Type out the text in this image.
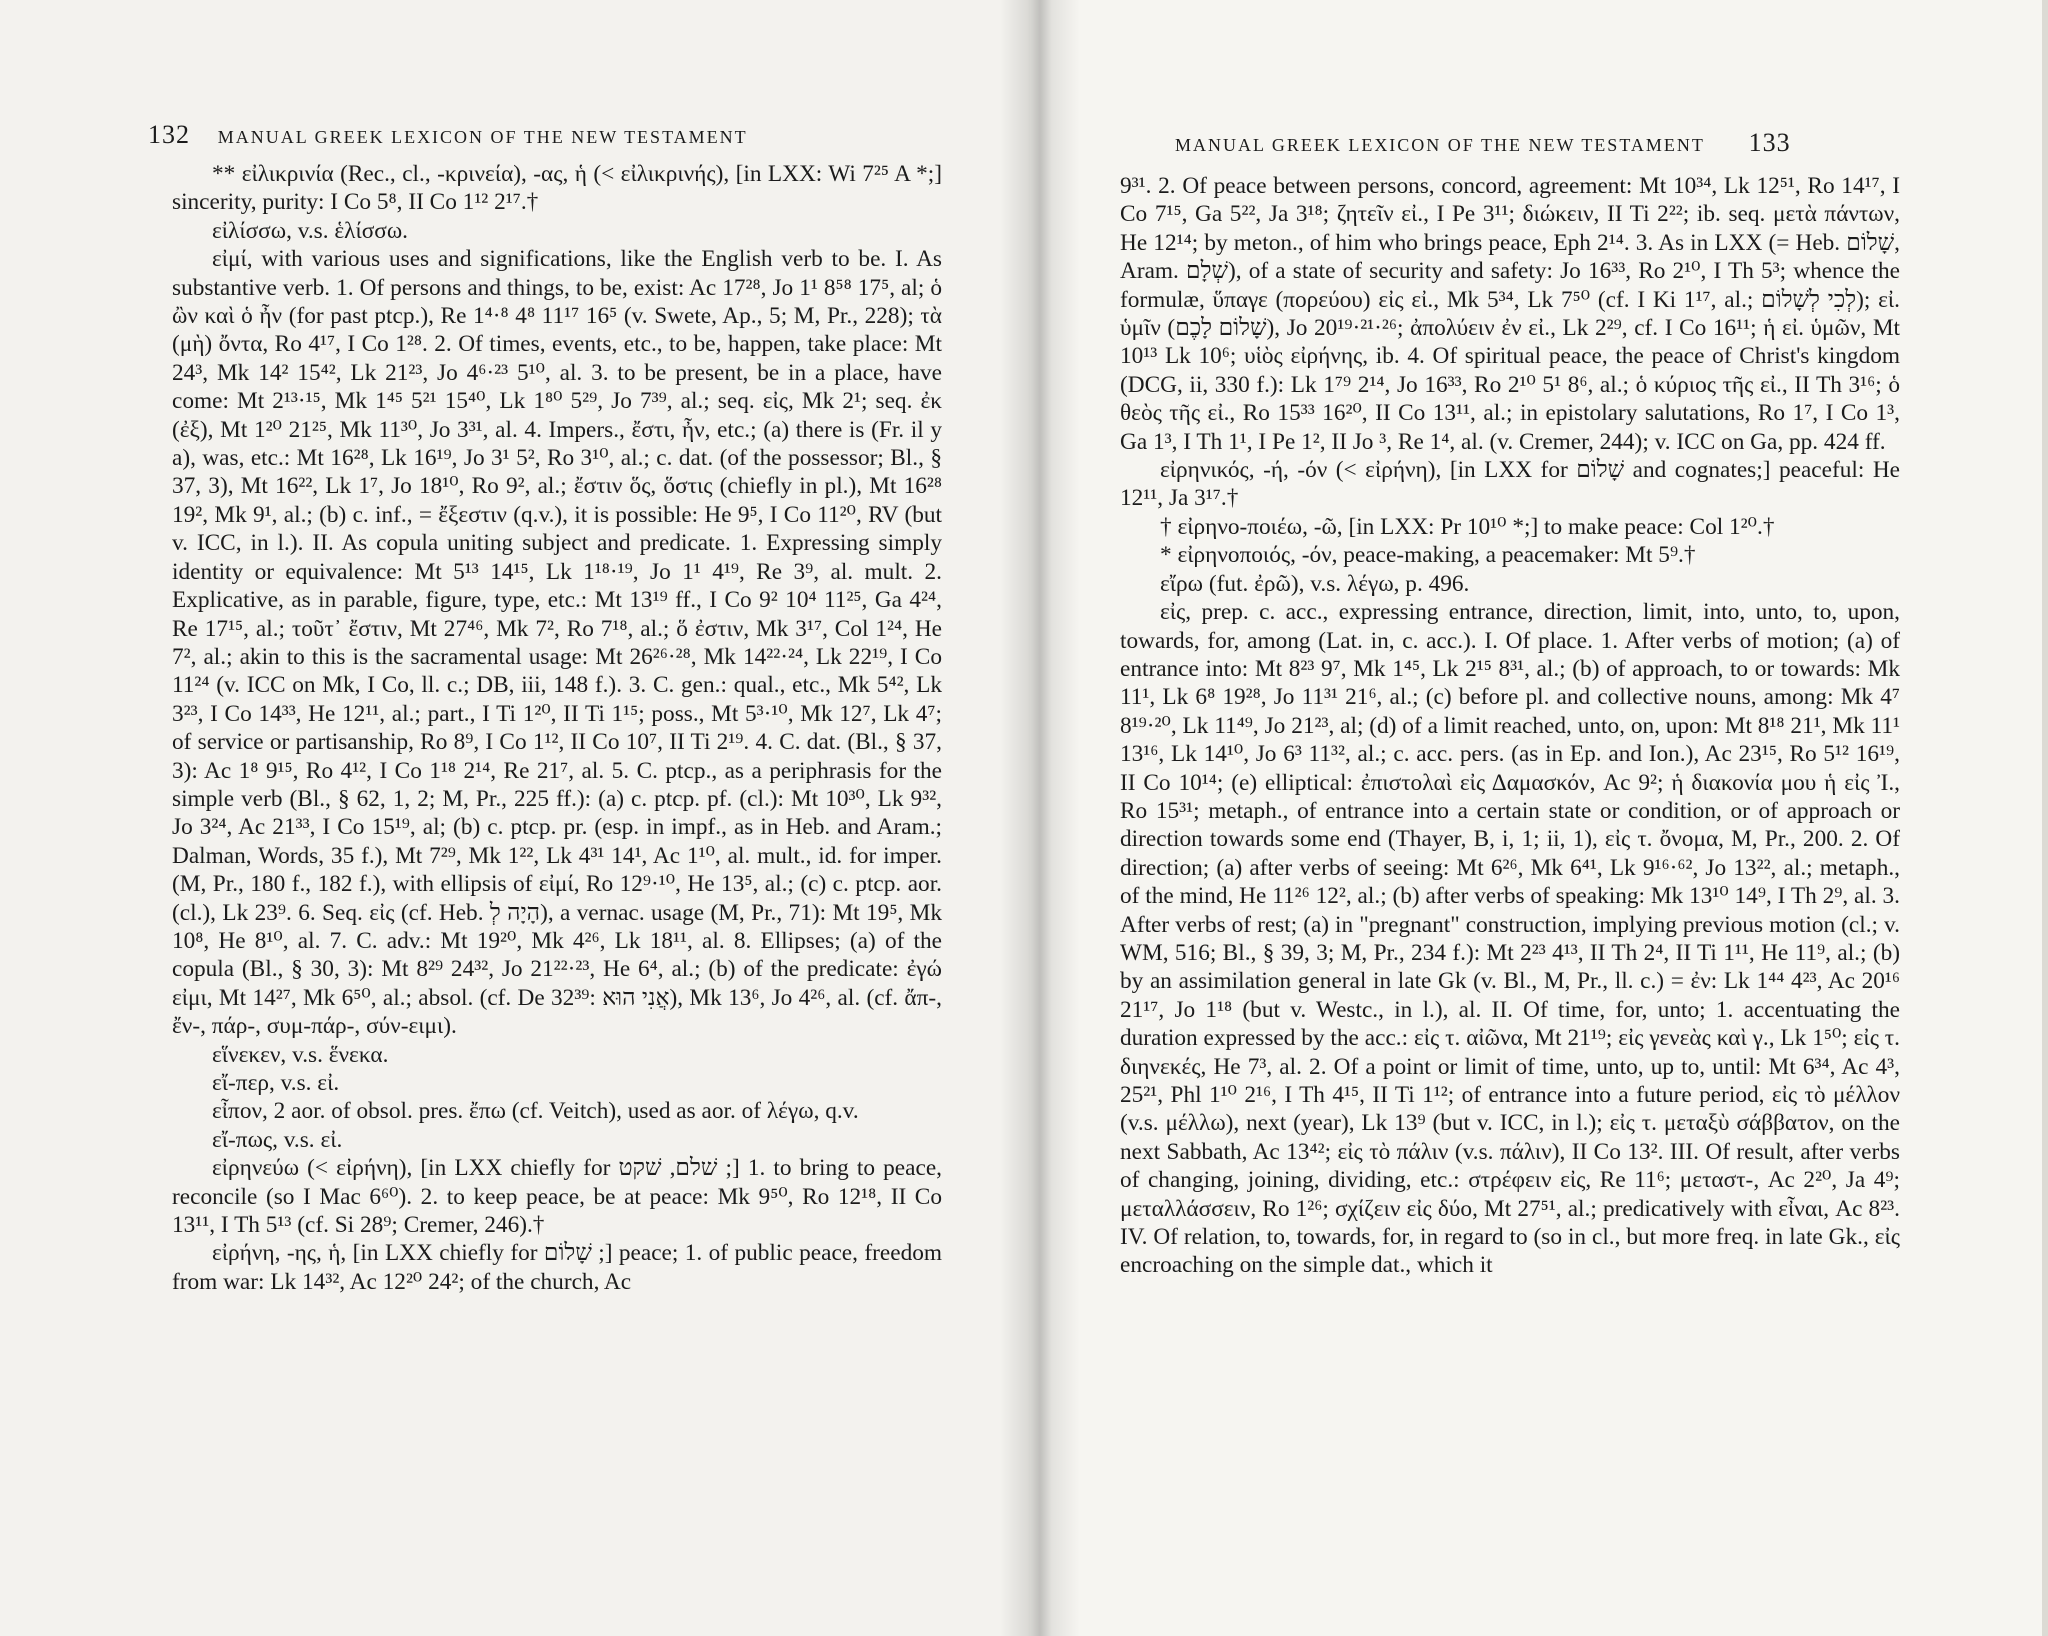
132 MANUAL GREEK LEXICON OF THE NEW TESTAMENT

** εἰλικρινία (Rec., cl., -κρινεία), -ας, ἡ (< εἰλικρινής), [in LXX: Wi 7²⁵ A *;] sincerity, purity: I Co 5⁸, II Co 1¹² 2¹⁷.†

εἰλίσσω, v.s. ἑλίσσω.

εἰμί, with various uses and significations, like the English verb to be. I. As substantive verb. 1. Of persons and things, to be, exist: Ac 17²⁸, Jo 1¹ 8⁵⁸ 17⁵, al; ὁ ὢν καὶ ὁ ἦν (for past ptcp.), Re 1⁴·⁸ 4⁸ 11¹⁷ 16⁵ (v. Swete, Ap., 5; M, Pr., 228); τὰ (μὴ) ὄντα, Ro 4¹⁷, I Co 1²⁸. 2. Of times, events, etc., to be, happen, take place: Mt 24³, Mk 14² 15⁴², Lk 21²³, Jo 4⁶·²³ 5¹⁰, al. 3. to be present, be in a place, have come: Mt 2¹³·¹⁵, Mk 1⁴⁵ 5²¹ 15⁴⁰, Lk 1⁸⁰ 5²⁹, Jo 7³⁹, al.; seq. εἰς, Mk 2¹; seq. ἐκ (ἐξ), Mt 1²⁰ 21²⁵, Mk 11³⁰, Jo 3³¹, al. 4. Impers., ἔστι, ἦν, etc.; (a) there is (Fr. il y a), was, etc.: Mt 16²⁸, Lk 16¹⁹, Jo 3¹ 5², Ro 3¹⁰, al.; c. dat. (of the possessor; Bl., § 37, 3), Mt 16²², Lk 1⁷, Jo 18¹⁰, Ro 9², al.; ἔστιν ὅς, ὅστις (chiefly in pl.), Mt 16²⁸ 19², Mk 9¹, al.; (b) c. inf., = ἔξεστιν (q.v.), it is possible: He 9⁵, I Co 11²⁰, RV (but v. ICC, in l.). II. As copula uniting subject and predicate. 1. Expressing simply identity or equivalence: Mt 5¹³ 14¹⁵, Lk 1¹⁸·¹⁹, Jo 1¹ 4¹⁹, Re 3⁹, al. mult. 2. Explicative, as in parable, figure, type, etc.: Mt 13¹⁹ ff., I Co 9² 10⁴ 11²⁵, Ga 4²⁴, Re 17¹⁵, al.; τοῦτ᾽ ἔστιν, Mt 27⁴⁶, Mk 7², Ro 7¹⁸, al.; ὅ ἐστιν, Mk 3¹⁷, Col 1²⁴, He 7², al.; akin to this is the sacramental usage: Mt 26²⁶·²⁸, Mk 14²²·²⁴, Lk 22¹⁹, I Co 11²⁴ (v. ICC on Mk, I Co, ll. c.; DB, iii, 148 f.). 3. C. gen.: qual., etc., Mk 5⁴², Lk 3²³, I Co 14³³, He 12¹¹, al.; part., I Ti 1²⁰, II Ti 1¹⁵; poss., Mt 5³·¹⁰, Mk 12⁷, Lk 4⁷; of service or partisanship, Ro 8⁹, I Co 1¹², II Co 10⁷, II Ti 2¹⁹. 4. C. dat. (Bl., § 37, 3): Ac 1⁸ 9¹⁵, Ro 4¹², I Co 1¹⁸ 2¹⁴, Re 21⁷, al. 5. C. ptcp., as a periphrasis for the simple verb (Bl., § 62, 1, 2; M, Pr., 225 ff.): (a) c. ptcp. pf. (cl.): Mt 10³⁰, Lk 9³², Jo 3²⁴, Ac 21³³, I Co 15¹⁹, al; (b) c. ptcp. pr. (esp. in impf., as in Heb. and Aram.; Dalman, Words, 35 f.), Mt 7²⁹, Mk 1²², Lk 4³¹ 14¹, Ac 1¹⁰, al. mult., id. for imper. (M, Pr., 180 f., 182 f.), with ellipsis of εἰμί, Ro 12⁹·¹⁰, He 13⁵, al.; (c) c. ptcp. aor. (cl.), Lk 23⁹. 6. Seq. εἰς (cf. Heb. הָיָה לְ), a vernac. usage (M, Pr., 71): Mt 19⁵, Mk 10⁸, He 8¹⁰, al. 7. C. adv.: Mt 19²⁰, Mk 4²⁶, Lk 18¹¹, al. 8. Ellipses; (a) of the copula (Bl., § 30, 3): Mt 8²⁹ 24³², Jo 21²²·²³, He 6⁴, al.; (b) of the predicate: ἐγώ εἰμι, Mt 14²⁷, Mk 6⁵⁰, al.; absol. (cf. De 32³⁹: אֲנִי הוּא), Mk 13⁶, Jo 4²⁶, al. (cf. ἄπ-, ἔν-, πάρ-, συμ-πάρ-, σύν-ειμι).

εἵνεκεν, v.s. ἕνεκα.

εἴ-περ, v.s. εἰ.

εἶπον, 2 aor. of obsol. pres. ἔπω (cf. Veitch), used as aor. of λέγω, q.v.

εἴ-πως, v.s. εἰ.

εἰρηνεύω (< εἰρήνη), [in LXX chiefly for שׁלם, שׁקט ;] 1. to bring to peace, reconcile (so I Mac 6⁶⁰). 2. to keep peace, be at peace: Mk 9⁵⁰, Ro 12¹⁸, II Co 13¹¹, I Th 5¹³ (cf. Si 28⁹; Cremer, 246).†

εἰρήνη, -ης, ἡ, [in LXX chiefly for שָׁלוֹם ;] peace; 1. of public peace, freedom from war: Lk 14³², Ac 12²⁰ 24²; of the church, Ac

MANUAL GREEK LEXICON OF THE NEW TESTAMENT 133

9³¹. 2. Of peace between persons, concord, agreement: Mt 10³⁴, Lk 12⁵¹, Ro 14¹⁷, I Co 7¹⁵, Ga 5²², Ja 3¹⁸; ζητεῖν εἰ., I Pe 3¹¹; διώκειν, II Ti 2²²; ib. seq. μετὰ πάντων, He 12¹⁴; by meton., of him who brings peace, Eph 2¹⁴. 3. As in LXX (= Heb. שָׁלוֹם, Aram. שְׁלָם), of a state of security and safety: Jo 16³³, Ro 2¹⁰, I Th 5³; whence the formulæ, ὕπαγε (πορεύου) εἰς εἰ., Mk 5³⁴, Lk 7⁵⁰ (cf. I Ki 1¹⁷, al.; לְכִי לְשָׁלוֹם); εἰ. ὑμῖν (שָׁלוֹם לָכֶם), Jo 20¹⁹·²¹·²⁶; ἀπολύειν ἐν εἰ., Lk 2²⁹, cf. I Co 16¹¹; ἡ εἰ. ὑμῶν, Mt 10¹³ Lk 10⁶; υἱὸς εἰρήνης, ib. 4. Of spiritual peace, the peace of Christ's kingdom (DCG, ii, 330 f.): Lk 1⁷⁹ 2¹⁴, Jo 16³³, Ro 2¹⁰ 5¹ 8⁶, al.; ὁ κύριος τῆς εἰ., II Th 3¹⁶; ὁ θεὸς τῆς εἰ., Ro 15³³ 16²⁰, II Co 13¹¹, al.; in epistolary salutations, Ro 1⁷, I Co 1³, Ga 1³, I Th 1¹, I Pe 1², II Jo ³, Re 1⁴, al. (v. Cremer, 244); v. ICC on Ga, pp. 424 ff.

εἰρηνικός, -ή, -όν (< εἰρήνη), [in LXX for שָׁלוֹם and cognates;] peaceful: He 12¹¹, Ja 3¹⁷.†

† εἰρηνο-ποιέω, -ῶ, [in LXX: Pr 10¹⁰ *;] to make peace: Col 1²⁰.†

* εἰρηνοποιός, -όν, peace-making, a peacemaker: Mt 5⁹.†

εἴρω (fut. ἐρῶ), v.s. λέγω, p. 496.

εἰς, prep. c. acc., expressing entrance, direction, limit, into, unto, to, upon, towards, for, among (Lat. in, c. acc.). I. Of place. 1. After verbs of motion; (a) of entrance into: Mt 8²³ 9⁷, Mk 1⁴⁵, Lk 2¹⁵ 8³¹, al.; (b) of approach, to or towards: Mk 11¹, Lk 6⁸ 19²⁸, Jo 11³¹ 21⁶, al.; (c) before pl. and collective nouns, among: Mk 4⁷ 8¹⁹·²⁰, Lk 11⁴⁹, Jo 21²³, al; (d) of a limit reached, unto, on, upon: Mt 8¹⁸ 21¹, Mk 11¹ 13¹⁶, Lk 14¹⁰, Jo 6³ 11³², al.; c. acc. pers. (as in Ep. and Ion.), Ac 23¹⁵, Ro 5¹² 16¹⁹, II Co 10¹⁴; (e) elliptical: ἐπιστολαὶ εἰς Δαμασκόν, Ac 9²; ἡ διακονία μου ἡ εἰς Ἰ., Ro 15³¹; metaph., of entrance into a certain state or condition, or of approach or direction towards some end (Thayer, B, i, 1; ii, 1), εἰς τ. ὄνομα, M, Pr., 200. 2. Of direction; (a) after verbs of seeing: Mt 6²⁶, Mk 6⁴¹, Lk 9¹⁶·⁶², Jo 13²², al.; metaph., of the mind, He 11²⁶ 12², al.; (b) after verbs of speaking: Mk 13¹⁰ 14⁹, I Th 2⁹, al. 3. After verbs of rest; (a) in "pregnant" construction, implying previous motion (cl.; v. WM, 516; Bl., § 39, 3; M, Pr., 234 f.): Mt 2²³ 4¹³, II Th 2⁴, II Ti 1¹¹, He 11⁹, al.; (b) by an assimilation general in late Gk (v. Bl., M, Pr., ll. c.) = ἐν: Lk 1⁴⁴ 4²³, Ac 20¹⁶ 21¹⁷, Jo 1¹⁸ (but v. Westc., in l.), al. II. Of time, for, unto; 1. accentuating the duration expressed by the acc.: εἰς τ. αἰῶνα, Mt 21¹⁹; εἰς γενεὰς καὶ γ., Lk 1⁵⁰; εἰς τ. διηνεκές, He 7³, al. 2. Of a point or limit of time, unto, up to, until: Mt 6³⁴, Ac 4³, 25²¹, Phl 1¹⁰ 2¹⁶, I Th 4¹⁵, II Ti 1¹²; of entrance into a future period, εἰς τὸ μέλλον (v.s. μέλλω), next (year), Lk 13⁹ (but v. ICC, in l.); εἰς τ. μεταξὺ σάββατον, on the next Sabbath, Ac 13⁴²; εἰς τὸ πάλιν (v.s. πάλιν), II Co 13². III. Of result, after verbs of changing, joining, dividing, etc.: στρέφειν εἰς, Re 11⁶; μεταστ-, Ac 2²⁰, Ja 4⁹; μεταλλάσσειν, Ro 1²⁶; σχίζειν εἰς δύο, Mt 27⁵¹, al.; predicatively with εἶναι, Ac 8²³. IV. Of relation, to, towards, for, in regard to (so in cl., but more freq. in late Gk., εἰς encroaching on the simple dat., which it
